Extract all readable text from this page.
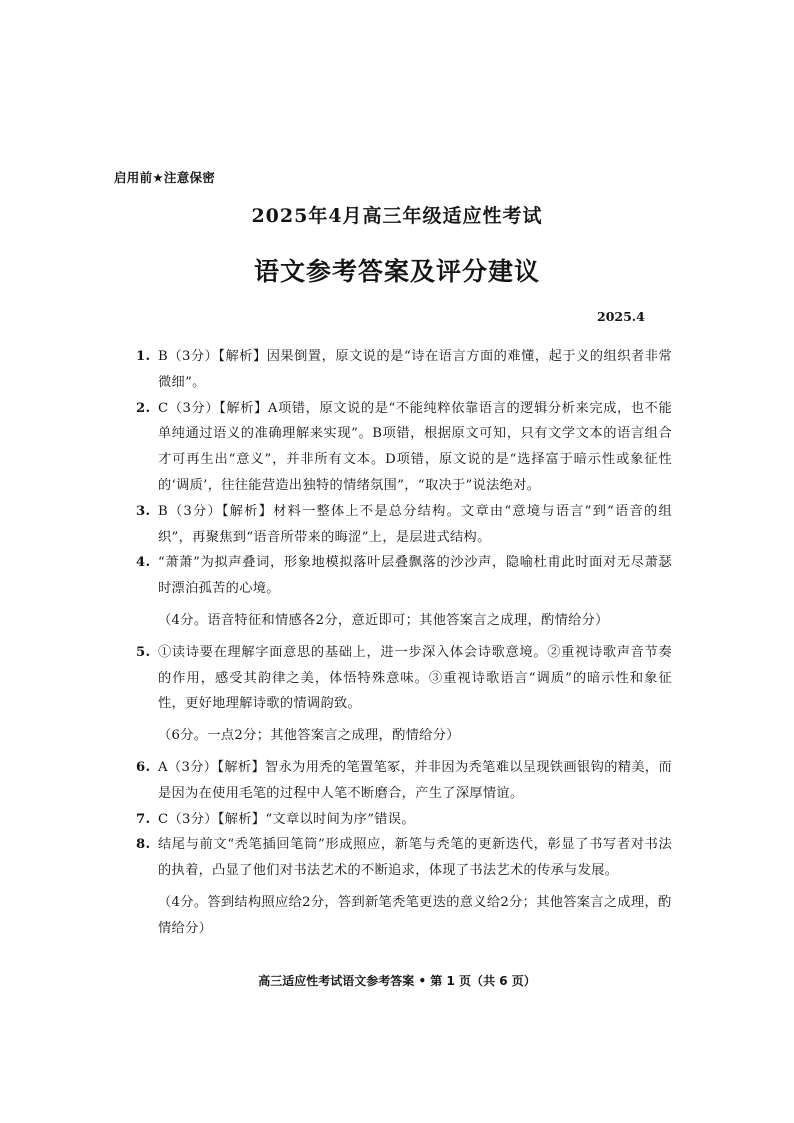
启用前★注意保密
2025年4月高三年级适应性考试
语文参考答案及评分建议
2025.4
1. B（3分）【解析】因果倒置，原文说的是“诗在语言方面的难懂，起于义的组织者非常微细”。
2. C（3分）【解析】A项错，原文说的是“不能纯粹依靠语言的逻辑分析来完成，也不能单纯通过语义的准确理解来实现”。B项错，根据原文可知，只有文学文本的语言组合才可再生出“意义”，并非所有文本。D项错，原文说的是“选择富于暗示性或象征性的‘调质’，往往能营造出独特的情绪氛围”，“取决于”说法绝对。
3. B（3分）【解析】材料一整体上不是总分结构。文章由“意境与语言”到“语音的组织”，再聚焦到“语音所带来的晦涩”上，是层进式结构。
4. “萧萧”为拟声叠词，形象地模拟落叶层叠飘落的沙沙声，隐喻杜甫此时面对无尽萧瑟时漂泊孤苦的心境。
（4分。语音特征和情感各2分，意近即可；其他答案言之成理，酌情给分）
5. ①读诗要在理解字面意思的基础上，进一步深入体会诗歌意境。②重视诗歌声音节奏的作用，感受其韵律之美，体悟特殊意味。③重视诗歌语言“调质”的暗示性和象征性，更好地理解诗歌的情调韵致。
（6分。一点2分；其他答案言之成理，酌情给分）
6. A（3分）【解析】智永为用秃的笔置笔冢，并非因为秃笔难以呈现铁画银钩的精美，而是因为在使用毛笔的过程中人笔不断磨合，产生了深厚情谊。
7. C（3分）【解析】“文章以时间为序”错误。
8. 结尾与前文“秃笔插回笔筒”形成照应，新笔与秃笔的更新迭代，彰显了书写者对书法的执着，凸显了他们对书法艺术的不断追求，体现了书法艺术的传承与发展。
（4分。答到结构照应给2分，答到新笔秃笔更迭的意义给2分；其他答案言之成理，酌情给分）
高三适应性考试语文参考答案 • 第 1 页（共 6 页）
